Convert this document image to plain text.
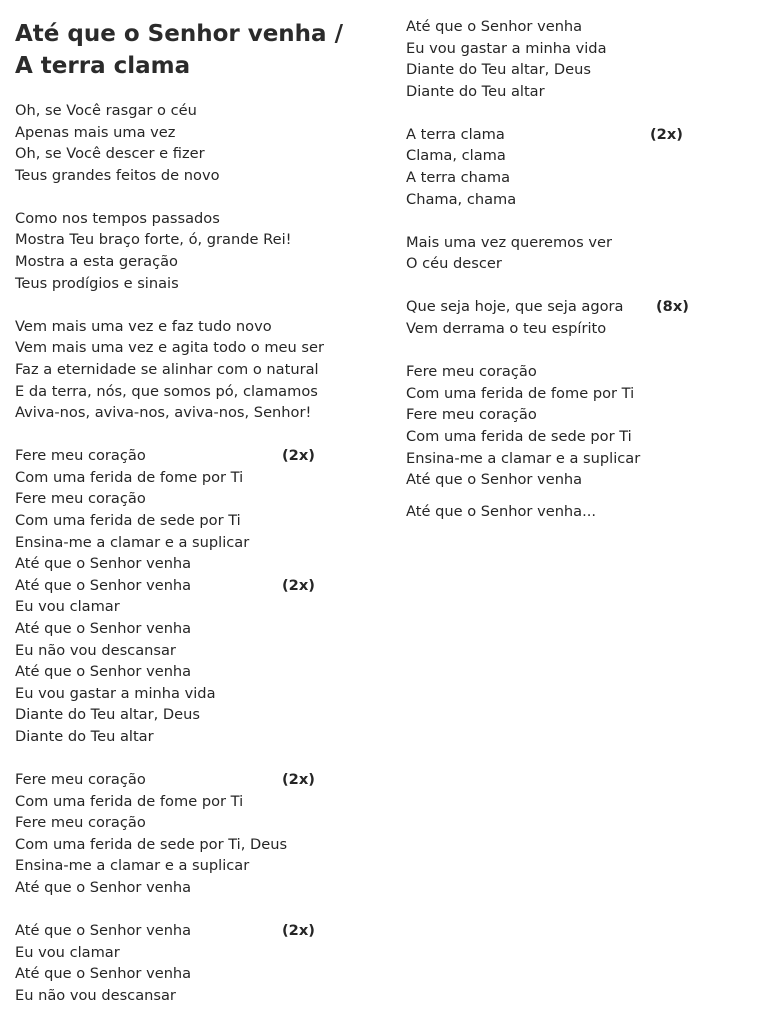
Até que o Senhor venha /
A terra clama
Oh, se Você rasgar o céu
Apenas mais uma vez
Oh, se Você descer e fizer
Teus grandes feitos de novo
Como nos tempos passados
Mostra Teu braço forte, ó, grande Rei!
Mostra a esta geração
Teus prodígios e sinais
Vem mais uma vez e faz tudo novo
Vem mais uma vez e agita todo o meu ser
Faz a eternidade se alinhar com o natural
E da terra, nós, que somos pó, clamamos
Aviva-nos, aviva-nos, aviva-nos, Senhor!
Fere meu coração	(2x)
Com uma ferida de fome por Ti
Fere meu coração
Com uma ferida de sede por Ti
Ensina-me a clamar e a suplicar
Até que o Senhor venha
Até que o Senhor venha	(2x)
Eu vou clamar
Até que o Senhor venha
Eu não vou descansar
Até que o Senhor venha
Eu vou gastar a minha vida
Diante do Teu altar, Deus
Diante do Teu altar
Fere meu coração	(2x)
Com uma ferida de fome por Ti
Fere meu coração
Com uma ferida de sede por Ti, Deus
Ensina-me a clamar e a suplicar
Até que o Senhor venha
Até que o Senhor venha	(2x)
Eu vou clamar
Até que o Senhor venha
Eu não vou descansar
Até que o Senhor venha
Eu vou gastar a minha vida
Diante do Teu altar, Deus
Diante do Teu altar
A terra clama	(2x)
Clama, clama
A terra chama
Chama, chama
Mais uma vez queremos ver
O céu descer
Que seja hoje, que seja agora (8x)
Vem derrama o teu espírito
Fere meu coração
Com uma ferida de fome por Ti
Fere meu coração
Com uma ferida de sede por Ti
Ensina-me a clamar e a suplicar
Até que o Senhor venha
Até que o Senhor venha...
